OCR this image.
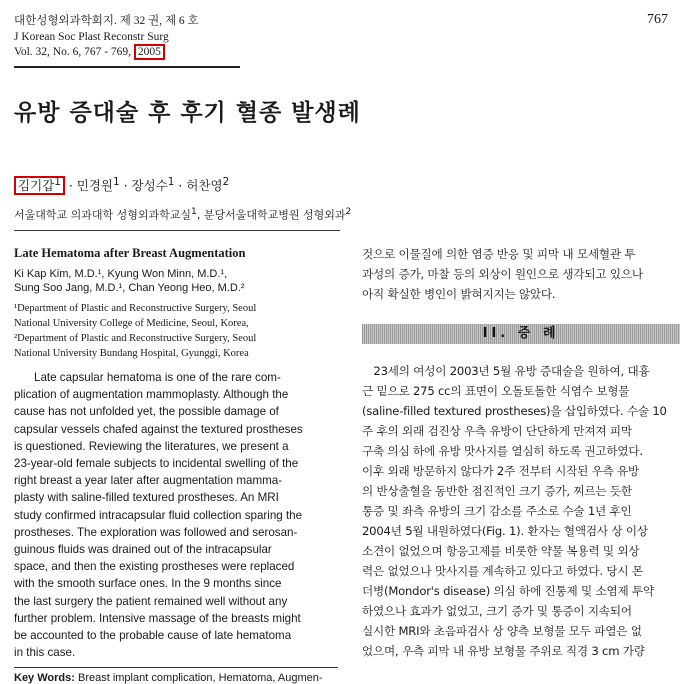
대한성형외과학회지. 제 32 권, 제 6 호
J Korean Soc Plast Reconstr Surg
Vol. 32, No. 6, 767 - 769, 2005
767
유방 증대술 후 후기 혈종 발생례
김기갑$^1$ · 민경원$^1$ · 장성수$^1$ · 허찬영$^2$
서울대학교 의과대학 성형외과학교실$^1$, 분당서울대학교병원 성형외과$^2$
Late Hematoma after Breast Augmentation
Ki Kap Kim, M.D.¹, Kyung Won Minn, M.D.¹,
Sung Soo Jang, M.D.¹, Chan Yeong Heo, M.D.²
¹Department of Plastic and Reconstructive Surgery, Seoul
National University College of Medicine, Seoul, Korea,
²Department of Plastic and Reconstructive Surgery, Seoul
National University Bundang Hospital, Gyunggi, Korea
Late capsular hematoma is one of the rare com-
plication of augmentation mammoplasty. Although the
cause has not unfolded yet, the possible damage of
capsular vessels chafed against the textured prostheses
is questioned. Reviewing the literatures, we present a
23-year-old female subjects to incidental swelling of the
right breast a year later after augmentation mamma-
plasty with saline-filled textured prostheses. An MRI
study confirmed intracapsular fluid collection sparing the
prostheses. The exploration was followed and serosan-
guinous fluids was drained out of the intracapsular
space, and then the existing prostheses were replaced
with the smooth surface ones. In the 9 months since
the last surgery the patient remained well without any
further problem. Intensive massage of the breasts might
be accounted to the probable cause of late hematoma
in this case.
Key Words: Breast implant complication, Hematoma, Augmen-
것으로 이물질에 의한 염증 반응 및 피막 내 모세혈관 투
과성의 증가, 마찰 등의 외상이 원인으로 생각되고 있으나
아직 확실한 병인이 밝혀지지는 않았다.
II. 증 례
　23세의 여성이 2003년 5월 유방 증대술을 원하여, 대흉
근 밑으로 275 cc의 표면이 오돌토돌한 식염수 보형물
(saline-filled textured prostheses)을 삽입하였다. 수술 10
주 후의 외래 검진상 우측 유방이 단단하게 만져져 피막
구축 의심 하에 유방 맛사지를 열심히 하도록 권고하였다.
이후 외래 방문하지 않다가 2주 전부터 시작된 우측 유방
의 반상출혈을 동반한 점진적인 크기 증가, 찌르는 듯한
통증 및 좌측 유방의 크기 감소를 주소로 수술 1년 후인
2004년 5월 내원하였다(Fig. 1). 환자는 혈액검사 상 이상
소견이 없었으며 항응고제를 비롯한 약물 복용력 및 외상
력은 없었으나 맛사지를 계속하고 있다고 하였다. 당시 몬
더병(Mondor's disease) 의심 하에 진통제 및 소염제 투약
하였으나 효과가 없었고, 크기 증가 및 통증이 지속되어
실시한 MRI와 초음파검사 상 양측 보형물 모두 파열은 없
었으며, 우측 피막 내 유방 보형물 주위로 직경 3 cm 가량
